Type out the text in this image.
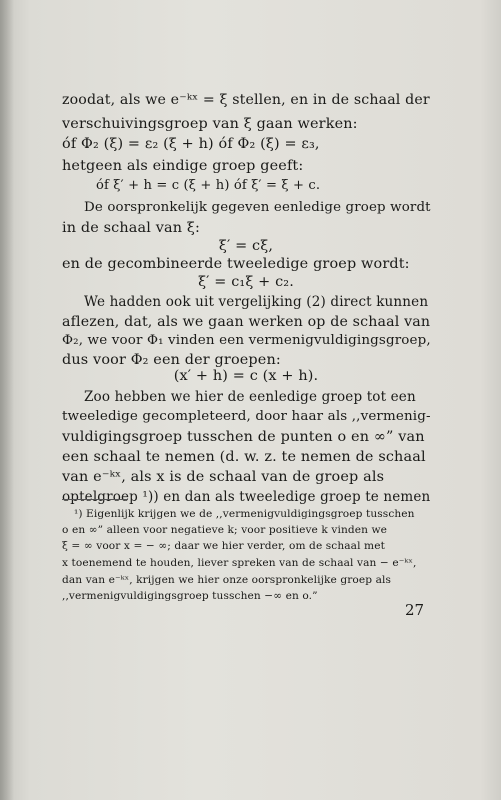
zoodat, als we e⁻ᵏˣ = ξ stellen, en in de schaal der
verschuivingsgroep van ξ gaan werken:
óf Φ₂ (ξ) = ε₂ (ξ + h) óf Φ₂ (ξ) = ε₃,
hetgeen als eindige groep geeft:
óf ξ′ + h = c (ξ + h) óf ξ′ = ξ + c.
De oorspronkelijk gegeven eenledige groep wordt
in de schaal van ξ:
ξ′ = cξ,
en de gecombineerde tweeledige groep wordt:
ξ′ = c₁ξ + c₂.
We hadden ook uit vergelijking (2) direct kunnen
aflezen, dat, als we gaan werken op de schaal van
Φ₂, we voor Φ₁ vinden een vermenigvuldigingsgroep,
dus voor Φ₂ een der groepen:
(x′ + h) = c (x + h).
Zoo hebben we hier de eenledige groep tot een
tweeledige gecompleteerd, door haar als ,,vermenig-
vuldigingsgroep tusschen de punten o en ∞” van
een schaal te nemen (d. w. z. te nemen de schaal
van e⁻ᵏˣ, als x is de schaal van de groep als
optelgroep ¹)) en dan als tweeledige groep te nemen
¹) Eigenlijk krijgen we de ,,vermenigvuldigingsgroep tusschen
o en ∞” alleen voor negatieve k; voor positieve k vinden we
ξ = ∞ voor x = − ∞; daar we hier verder, om de schaal met
x toenemend te houden, liever spreken van de schaal van − e⁻ᵏˣ,
dan van e⁻ᵏˣ, krijgen we hier onze oorspronkelijke groep als
,,vermenigvuldigingsgroep tusschen −∞ en o.”
27
